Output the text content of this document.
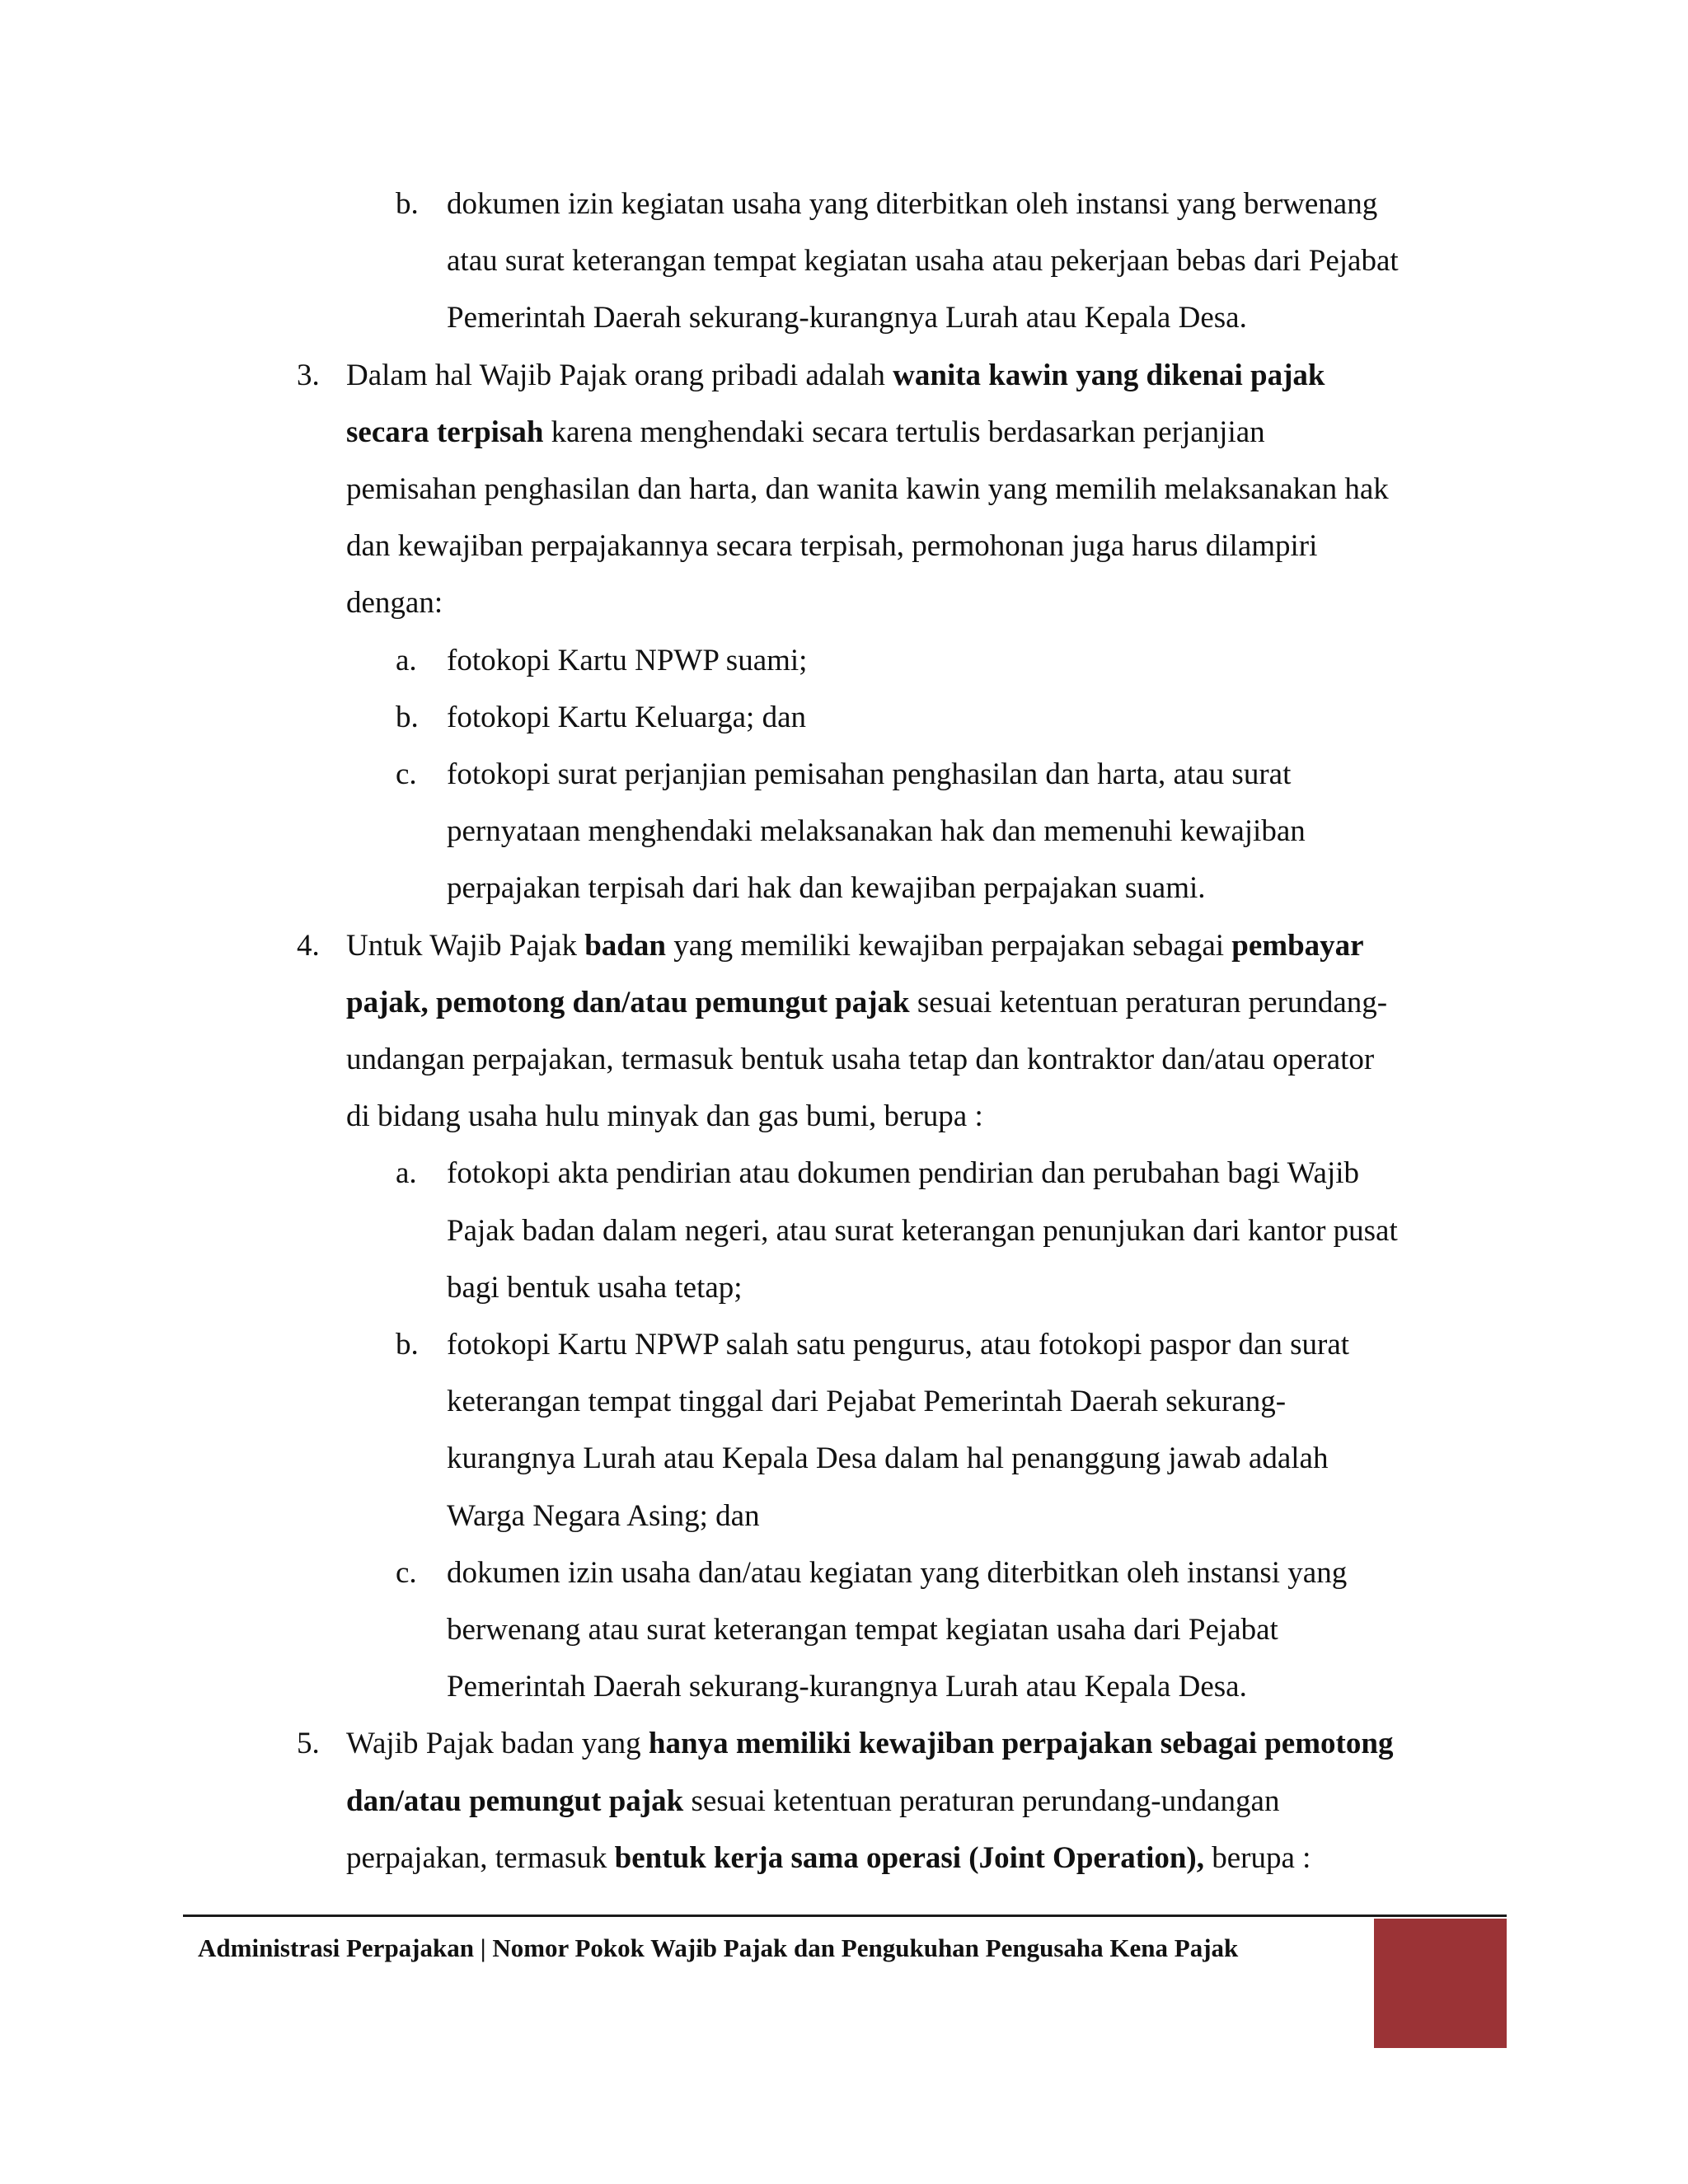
b. dokumen izin kegiatan usaha yang diterbitkan oleh instansi yang berwenang
atau surat keterangan tempat kegiatan usaha atau pekerjaan bebas dari Pejabat
Pemerintah Daerah sekurang-kurangnya Lurah atau Kepala Desa.
3. Dalam hal Wajib Pajak orang pribadi adalah wanita kawin yang dikenai pajak
secara terpisah karena menghendaki secara tertulis berdasarkan perjanjian
pemisahan penghasilan dan harta, dan wanita kawin yang memilih melaksanakan hak
dan kewajiban perpajakannya secara terpisah, permohonan juga harus dilampiri
dengan:
a. fotokopi Kartu NPWP suami;
b. fotokopi Kartu Keluarga; dan
c. fotokopi surat perjanjian pemisahan penghasilan dan harta, atau surat
pernyataan menghendaki melaksanakan hak dan memenuhi kewajiban
perpajakan terpisah dari hak dan kewajiban perpajakan suami.
4. Untuk Wajib Pajak badan yang memiliki kewajiban perpajakan sebagai pembayar
pajak, pemotong dan/atau pemungut pajak sesuai ketentuan peraturan perundang-
undangan perpajakan, termasuk bentuk usaha tetap dan kontraktor dan/atau operator
di bidang usaha hulu minyak dan gas bumi, berupa :
a. fotokopi akta pendirian atau dokumen pendirian dan perubahan bagi Wajib
Pajak badan dalam negeri, atau surat keterangan penunjukan dari kantor pusat
bagi bentuk usaha tetap;
b. fotokopi Kartu NPWP salah satu pengurus, atau fotokopi paspor dan surat
keterangan tempat tinggal dari Pejabat Pemerintah Daerah sekurang-
kurangnya Lurah atau Kepala Desa dalam hal penanggung jawab adalah
Warga Negara Asing; dan
c. dokumen izin usaha dan/atau kegiatan yang diterbitkan oleh instansi yang
berwenang atau surat keterangan tempat kegiatan usaha dari Pejabat
Pemerintah Daerah sekurang-kurangnya Lurah atau Kepala Desa.
5. Wajib Pajak badan yang hanya memiliki kewajiban perpajakan sebagai pemotong
dan/atau pemungut pajak sesuai ketentuan peraturan perundang-undangan
perpajakan, termasuk bentuk kerja sama operasi (Joint Operation), berupa :
Administrasi Perpajakan | Nomor Pokok Wajib Pajak dan Pengukuhan Pengusaha Kena Pajak
